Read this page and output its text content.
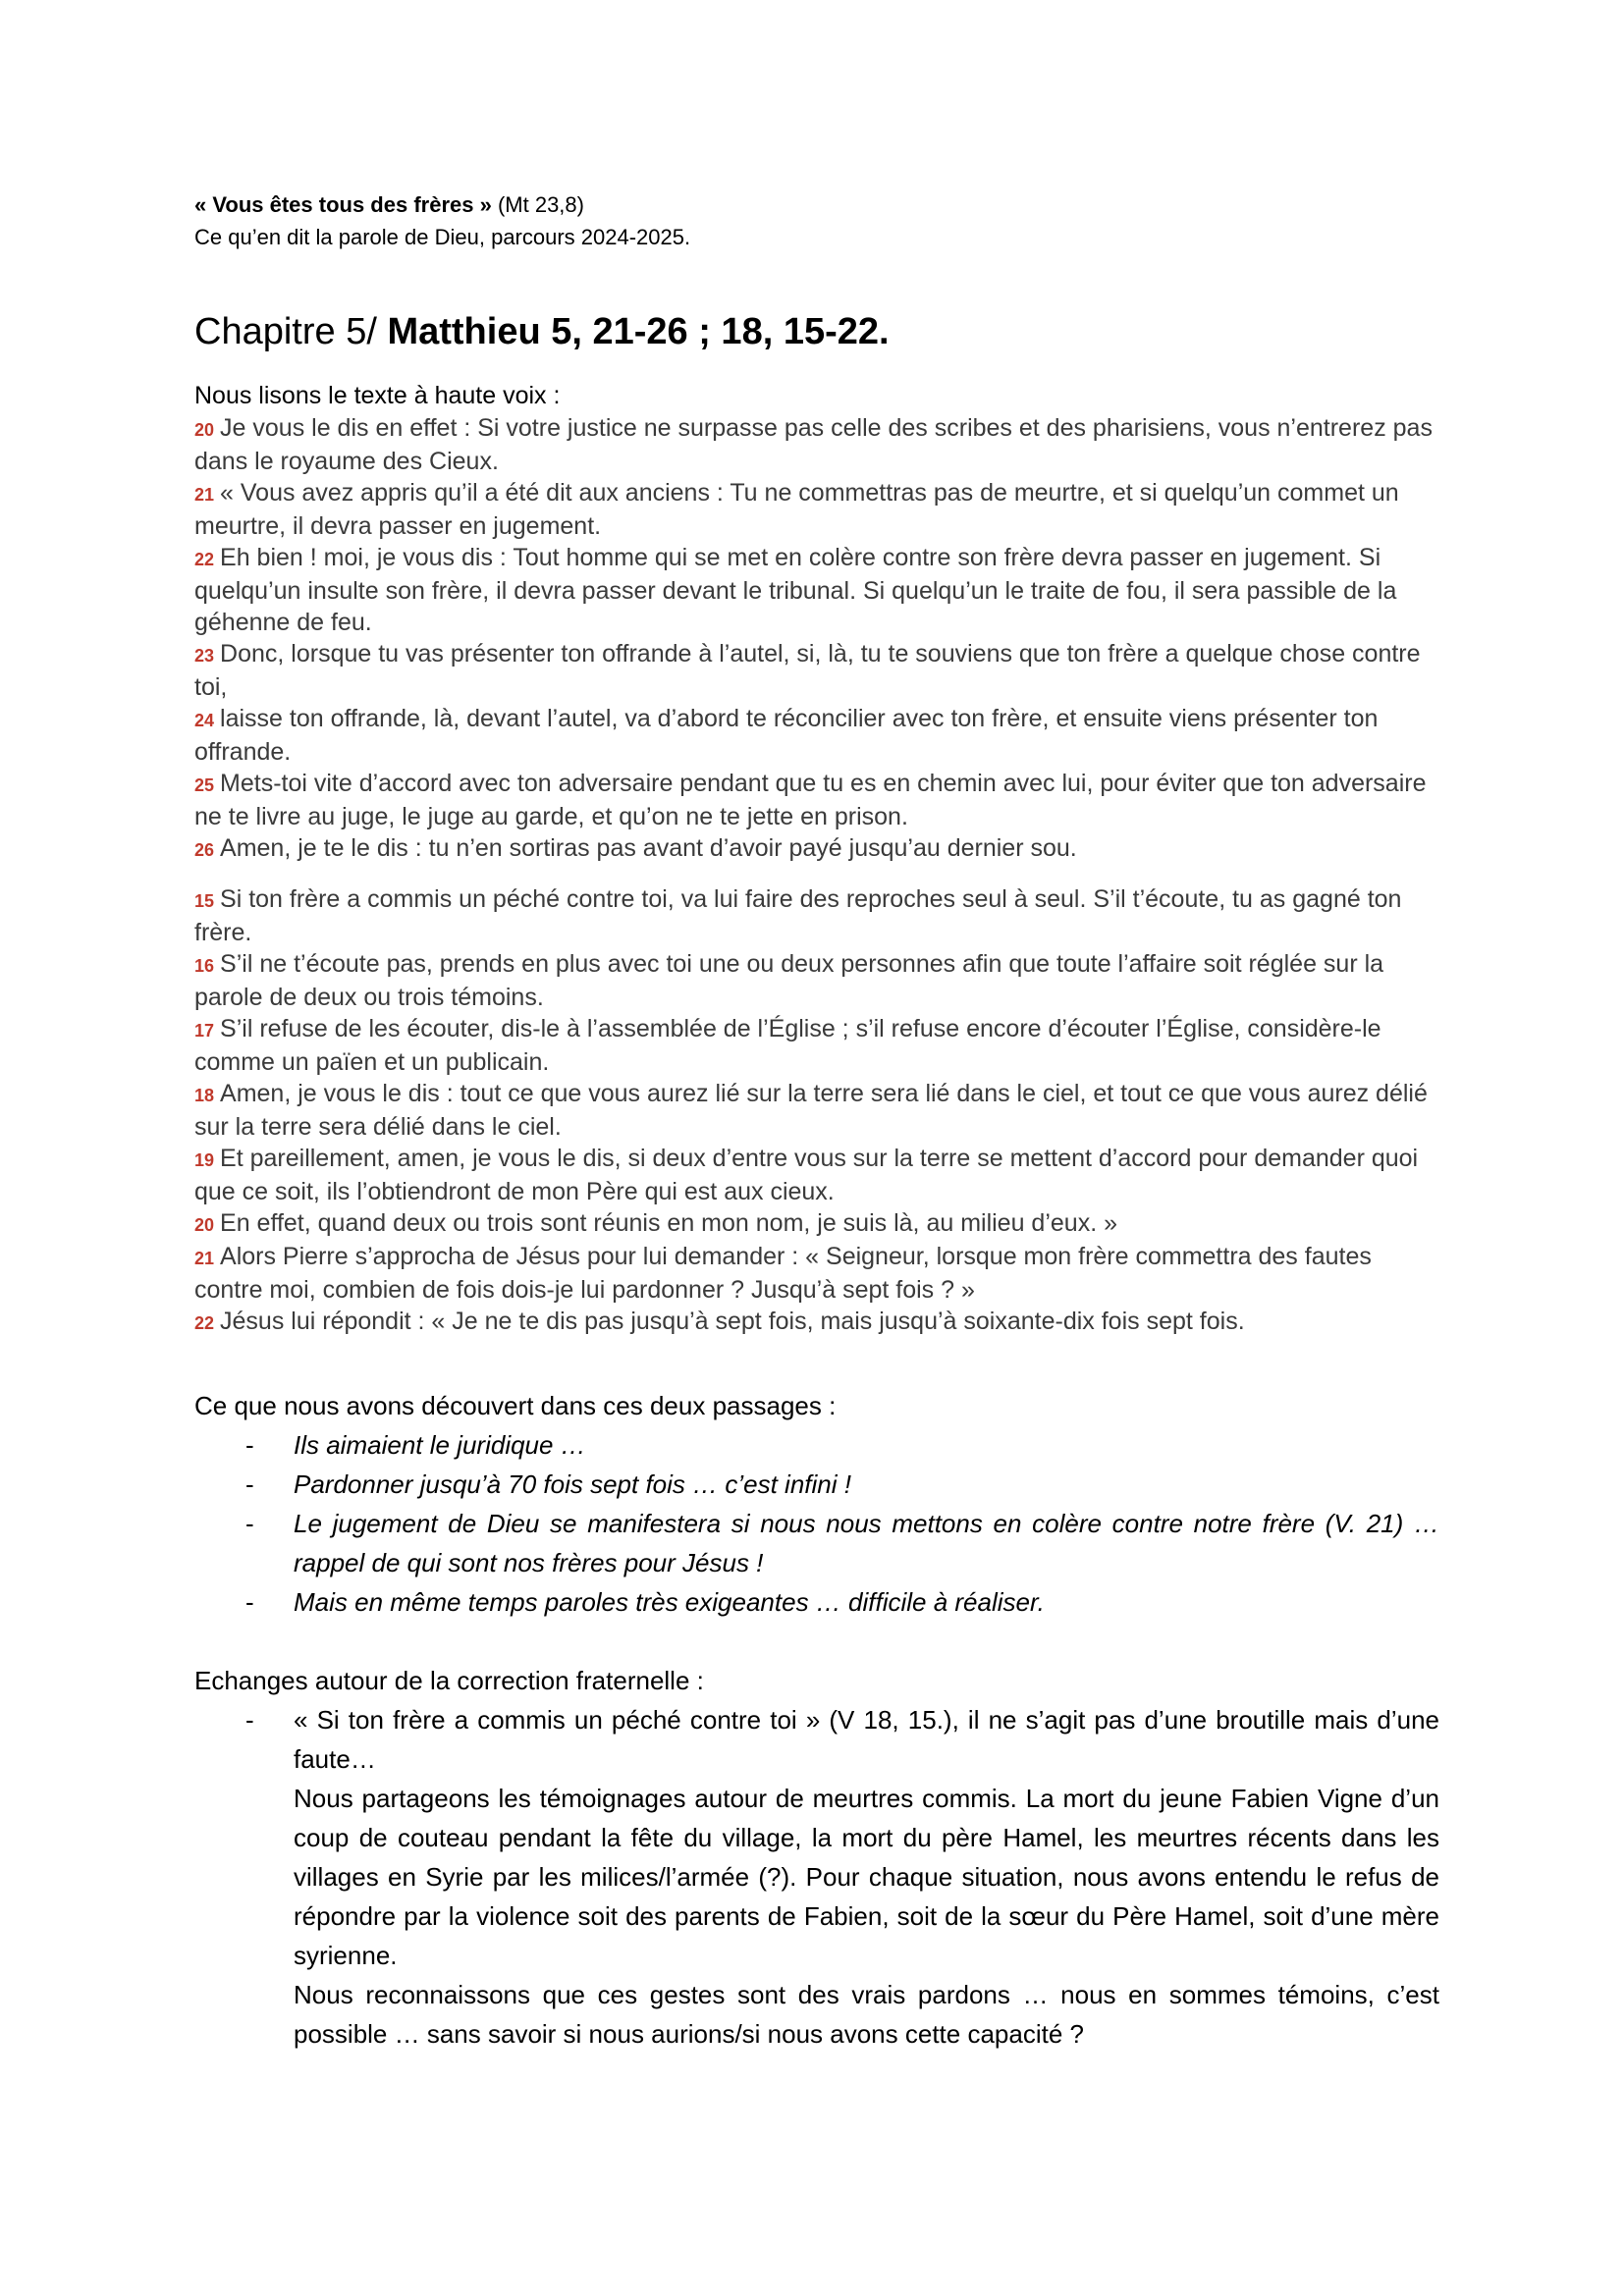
« Vous êtes tous des frères » (Mt 23,8)
Ce qu’en dit la parole de Dieu, parcours 2024-2025.
Chapitre 5/ Matthieu 5, 21-26 ; 18, 15-22.
Nous lisons le texte à haute voix :
20 Je vous le dis en effet : Si votre justice ne surpasse pas celle des scribes et des pharisiens, vous n’entrerez pas dans le royaume des Cieux.
21 « Vous avez appris qu’il a été dit aux anciens : Tu ne commettras pas de meurtre, et si quelqu’un commet un meurtre, il devra passer en jugement.
22 Eh bien ! moi, je vous dis : Tout homme qui se met en colère contre son frère devra passer en jugement. Si quelqu’un insulte son frère, il devra passer devant le tribunal. Si quelqu’un le traite de fou, il sera passible de la géhenne de feu.
23 Donc, lorsque tu vas présenter ton offrande à l’autel, si, là, tu te souviens que ton frère a quelque chose contre toi,
24 laisse ton offrande, là, devant l’autel, va d’abord te réconcilier avec ton frère, et ensuite viens présenter ton offrande.
25 Mets-toi vite d’accord avec ton adversaire pendant que tu es en chemin avec lui, pour éviter que ton adversaire ne te livre au juge, le juge au garde, et qu’on ne te jette en prison.
26 Amen, je te le dis : tu n’en sortiras pas avant d’avoir payé jusqu’au dernier sou.
15 Si ton frère a commis un péché contre toi, va lui faire des reproches seul à seul. S’il t’écoute, tu as gagné ton frère.
16 S’il ne t’écoute pas, prends en plus avec toi une ou deux personnes afin que toute l’affaire soit réglée sur la parole de deux ou trois témoins.
17 S’il refuse de les écouter, dis-le à l’assemblée de l’Église ; s’il refuse encore d’écouter l’Église, considère-le comme un païen et un publicain.
18 Amen, je vous le dis : tout ce que vous aurez lié sur la terre sera lié dans le ciel, et tout ce que vous aurez délié sur la terre sera délié dans le ciel.
19 Et pareillement, amen, je vous le dis, si deux d’entre vous sur la terre se mettent d’accord pour demander quoi que ce soit, ils l’obtiendront de mon Père qui est aux cieux.
20 En effet, quand deux ou trois sont réunis en mon nom, je suis là, au milieu d’eux. »
21 Alors Pierre s’approcha de Jésus pour lui demander : « Seigneur, lorsque mon frère commettra des fautes contre moi, combien de fois dois-je lui pardonner ? Jusqu’à sept fois ? »
22 Jésus lui répondit : « Je ne te dis pas jusqu’à sept fois, mais jusqu’à soixante-dix fois sept fois.
Ce que nous avons découvert dans ces deux passages :
- Ils aimaient le juridique …
- Pardonner jusqu’à 70 fois sept fois … c’est infini !
- Le jugement de Dieu se manifestera si nous nous mettons en colère contre notre frère (V. 21) … rappel de qui sont nos frères pour Jésus !
- Mais en même temps paroles très exigeantes … difficile à réaliser.
Echanges autour de la correction fraternelle :
- « Si ton frère a commis un péché contre toi » (V 18, 15.), il ne s’agit pas d’une broutille mais d’une faute…
Nous partageons les témoignages autour de meurtres commis. La mort du jeune Fabien Vigne d’un coup de couteau pendant la fête du village, la mort du père Hamel, les meurtres récents dans les villages en Syrie par les milices/l’armée (?). Pour chaque situation, nous avons entendu le refus de répondre par la violence soit des parents de Fabien, soit de la sœur du Père Hamel, soit d’une mère syrienne.
Nous reconnaissons que ces gestes sont des vrais pardons … nous en sommes témoins, c’est possible … sans savoir si nous aurions/si nous avons cette capacité ?
